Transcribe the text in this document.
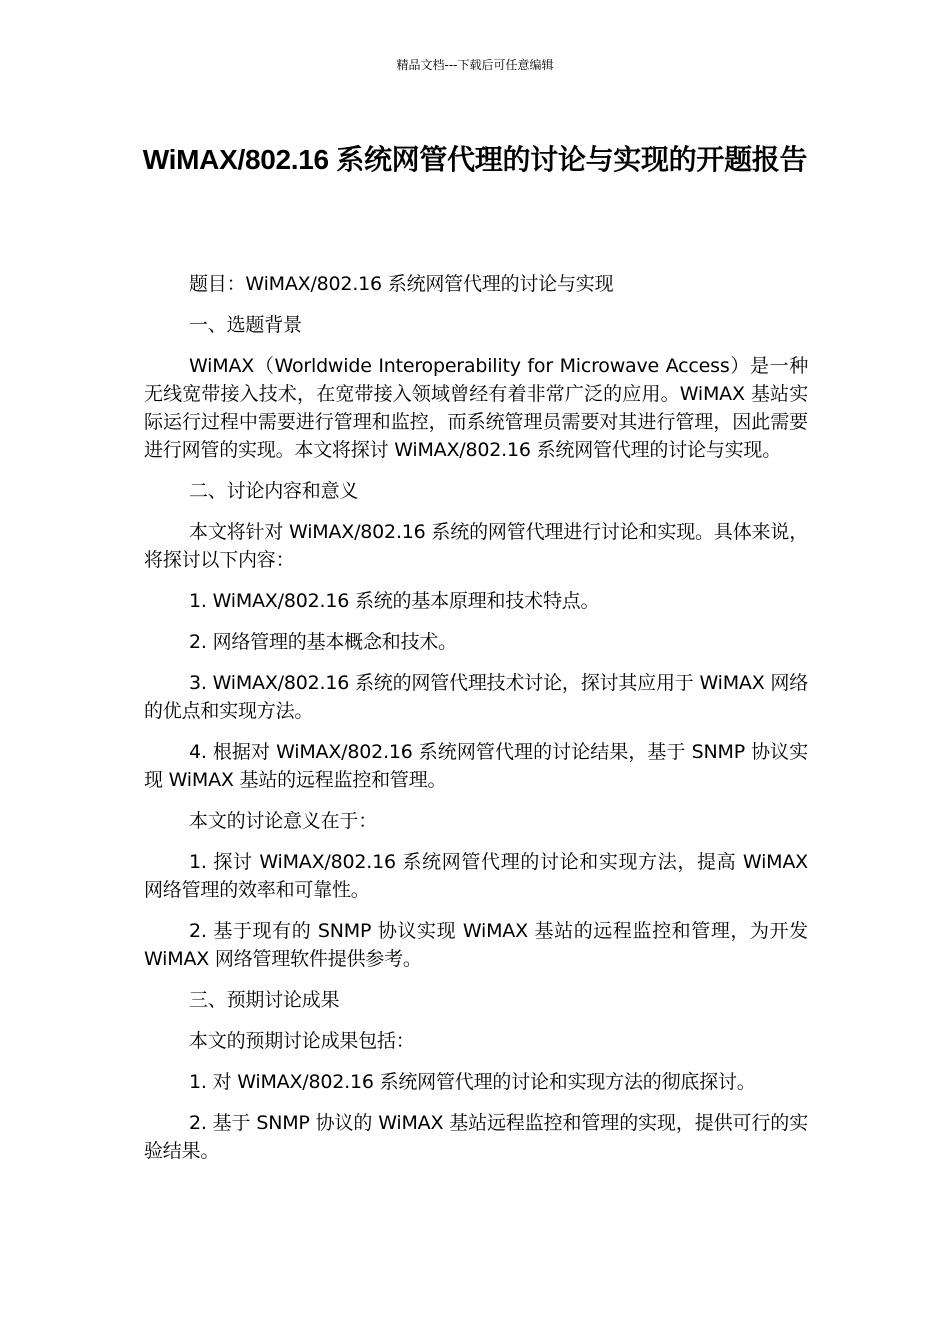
精品文档---下载后可任意编辑
WiMAX/802.16 系统网管代理的讨论与实现的开题报告

题目：WiMAX/802.16 系统网管代理的讨论与实现

一、选题背景

WiMAX（Worldwide Interoperability for Microwave Access）是一种无线宽带接入技术，在宽带接入领域曾经有着非常广泛的应用。WiMAX 基站实际运行过程中需要进行管理和监控，而系统管理员需要对其进行管理，因此需要进行网管的实现。本文将探讨 WiMAX/802.16 系统网管代理的讨论与实现。

二、讨论内容和意义

本文将针对 WiMAX/802.16 系统的网管代理进行讨论和实现。具体来说，将探讨以下内容：

1. WiMAX/802.16 系统的基本原理和技术特点。

2. 网络管理的基本概念和技术。

3. WiMAX/802.16 系统的网管代理技术讨论，探讨其应用于 WiMAX 网络的优点和实现方法。

4. 根据对 WiMAX/802.16 系统网管代理的讨论结果，基于 SNMP 协议实现 WiMAX 基站的远程监控和管理。

本文的讨论意义在于：

1. 探讨 WiMAX/802.16 系统网管代理的讨论和实现方法，提高 WiMAX 网络管理的效率和可靠性。

2. 基于现有的 SNMP 协议实现 WiMAX 基站的远程监控和管理，为开发 WiMAX 网络管理软件提供参考。

三、预期讨论成果

本文的预期讨论成果包括：

1. 对 WiMAX/802.16 系统网管代理的讨论和实现方法的彻底探讨。

2. 基于 SNMP 协议的 WiMAX 基站远程监控和管理的实现，提供可行的实验结果。
